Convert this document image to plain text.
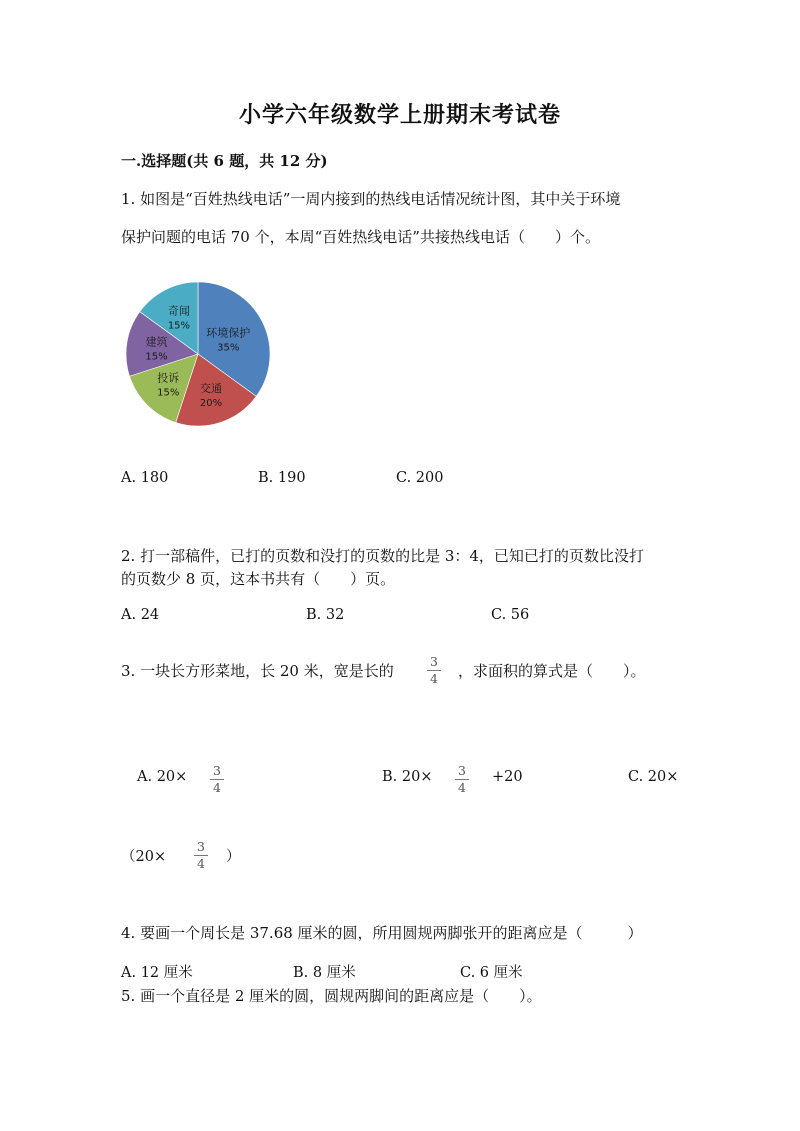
小学六年级数学上册期末考试卷
一.选择题(共 6 题，共 12 分)
1. 如图是“百姓热线电话”一周内接到的热线电话情况统计图，其中关于环境
保护问题的电话 70 个，本周“百姓热线电话”共接热线电话（　　）个。
环境保护
35%
交通
20%
投诉
15%
建筑
15%
奇闻
15%
A. 180	B. 190	C. 200
2. 打一部稿件，已打的页数和没打的页数的比是 3：4，已知已打的页数比没打
的页数少 8 页，这本书共有（　　）页。
A. 24	B. 32	C. 56
3. 一块长方形菜地，长 20 米，宽是长的
3
4	，求面积的算式是（　　）。
A. 20×	3
4
B. 20×	3
4
+20	C. 20×
（20×
3
4	）
4. 要画一个周长是 37.68 厘米的圆，所用圆规两脚张开的距离应是（　　　）
A. 12 厘米	B. 8 厘米	C. 6 厘米
5. 画一个直径是 2 厘米的圆，圆规两脚间的距离应是（　　）。
